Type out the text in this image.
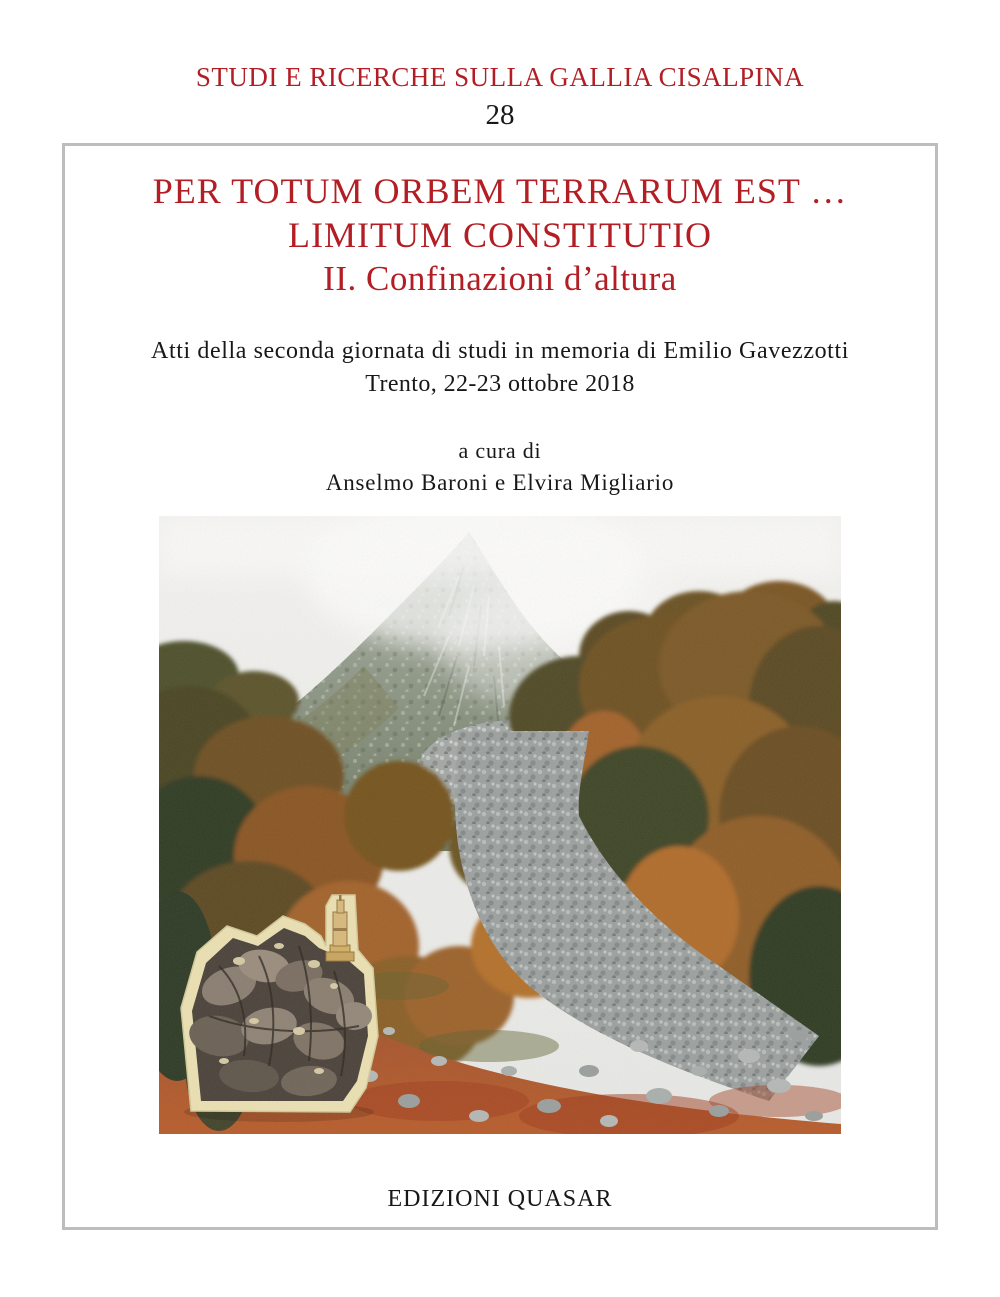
STUDI E RICERCHE SULLA GALLIA CISALPINA
28
PER TOTUM ORBEM TERRARUM EST …
LIMITUM CONSTITUTIO
II. Confinazioni d’altura
Atti della seconda giornata di studi in memoria di Emilio Gavezzotti
Trento, 22-23 ottobre 2018
a cura di
Anselmo Baroni e Elvira Migliario
EDIZIONI QUASAR
